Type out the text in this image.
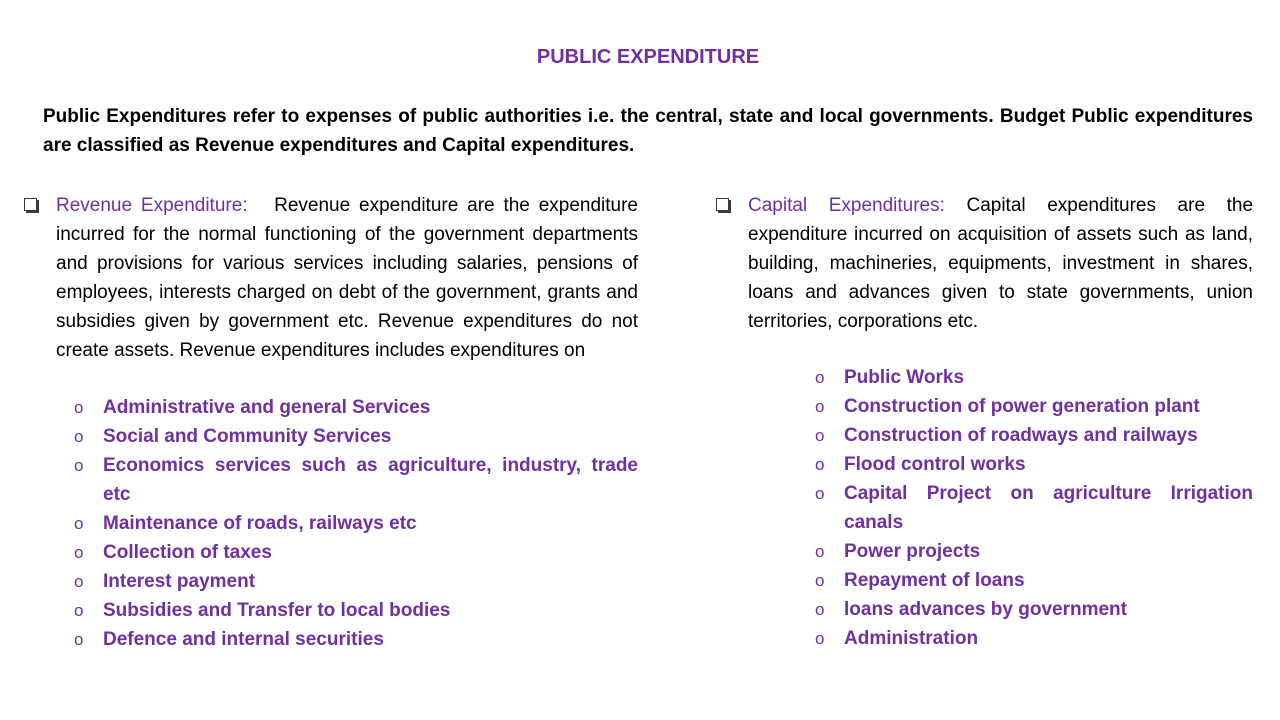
PUBLIC EXPENDITURE

Public Expenditures refer to expenses of public authorities i.e. the central, state and local governments. Budget Public expenditures are classified as Revenue expenditures and Capital expenditures.

Revenue Expenditure: Revenue expenditure are the expenditure incurred for the normal functioning of the government departments and provisions for various services including salaries, pensions of employees, interests charged on debt of the government, grants and subsidies given by government etc. Revenue expenditures do not create assets. Revenue expenditures includes expenditures on

o Administrative and general Services
o Social and Community Services
o Economics services such as agriculture, industry, trade etc
o Maintenance of roads, railways etc
o Collection of taxes
o Interest payment
o Subsidies and Transfer to local bodies
o Defence and internal securities

Capital Expenditures: Capital expenditures are the expenditure incurred on acquisition of assets such as land, building, machineries, equipments, investment in shares, loans and advances given to state governments, union territories, corporations etc.

o Public Works
o Construction of power generation plant
o Construction of roadways and railways
o Flood control works
o Capital Project on agriculture Irrigation canals
o Power projects
o Repayment of loans
o loans advances by government
o Administration
